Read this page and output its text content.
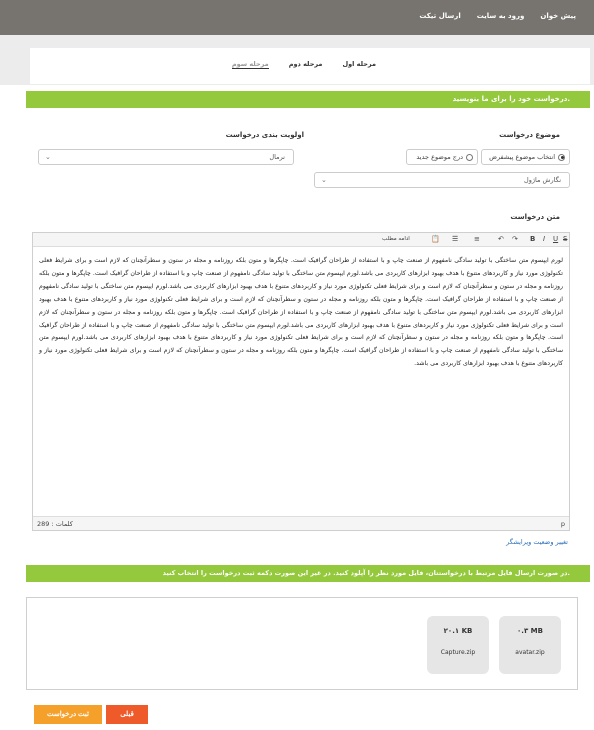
پیش خوان
ورود به سایت
ارسال تیکت
مرحله اول
مرحله دوم
مرحله سوم
درخواست خود را برای ما بنویسید.
موضوع درخواست
اولویت بندی درخواست
انتخاب موضوع پیشفرض
درج موضوع جدید
نرمال
⌄
نگارش ماژول
⌄
متن درخواست
ادامه مطلب	📋 ☰ ≡	↶ ↷ B I U S
لورم ایپسوم متن ساختگی با تولید سادگی نامفهوم از صنعت چاپ و با استفاده از طراحان گرافیک است. چاپگرها و متون بلکه روزنامه و مجله در ستون و سطرآنچنان که لازم است و برای شرایط فعلی تکنولوژی مورد نیاز و کاربردهای متنوع با هدف بهبود ابزارهای کاربردی می باشد.لورم ایپسوم متن ساختگی با تولید سادگی نامفهوم از صنعت چاپ و با استفاده از طراحان گرافیک است. چاپگرها و متون بلکه روزنامه و مجله در ستون و سطرآنچنان که لازم است و برای شرایط فعلی تکنولوژی مورد نیاز و کاربردهای متنوع با هدف بهبود ابزارهای کاربردی می باشد.لورم ایپسوم متن ساختگی با تولید سادگی نامفهوم از صنعت چاپ و با استفاده از طراحان گرافیک است. چاپگرها و متون بلکه روزنامه و مجله در ستون و سطرآنچنان که لازم است و برای شرایط فعلی تکنولوژی مورد نیاز و کاربردهای متنوع با هدف بهبود ابزارهای کاربردی می باشد.لورم ایپسوم متن ساختگی با تولید سادگی نامفهوم از صنعت چاپ و با استفاده از طراحان گرافیک است. چاپگرها و متون بلکه روزنامه و مجله در ستون و سطرآنچنان که لازم است و برای شرایط فعلی تکنولوژی مورد نیاز و کاربردهای متنوع با هدف بهبود ابزارهای کاربردی می باشد.لورم ایپسوم متن ساختگی با تولید سادگی نامفهوم از صنعت چاپ و با استفاده از طراحان گرافیک است. چاپگرها و متون بلکه روزنامه و مجله در ستون و سطرآنچنان که لازم است و برای شرایط فعلی تکنولوژی مورد نیاز و کاربردهای متنوع با هدف بهبود ابزارهای کاربردی می باشد.لورم ایپسوم متن ساختگی با تولید سادگی نامفهوم از صنعت چاپ و با استفاده از طراحان گرافیک است. چاپگرها و متون بلکه روزنامه و مجله در ستون و سطرآنچنان که لازم است و برای شرایط فعلی تکنولوژی مورد نیاز و کاربردهای متنوع با هدف بهبود ابزارهای کاربردی می باشد.
کلمات : 289	p
تغییر وضعیت ویرایشگر
در صورت ارسال فایل مرتبط با درخواستتان، فایل مورد نظر را آپلود کنید. در غیر این صورت دکمه ثبت درخواست را انتخاب کنید.
۰.۳ MB
avatar.zip
۲۰.۱ KB
Capture.zip
ثبت درخواست	قبلی
